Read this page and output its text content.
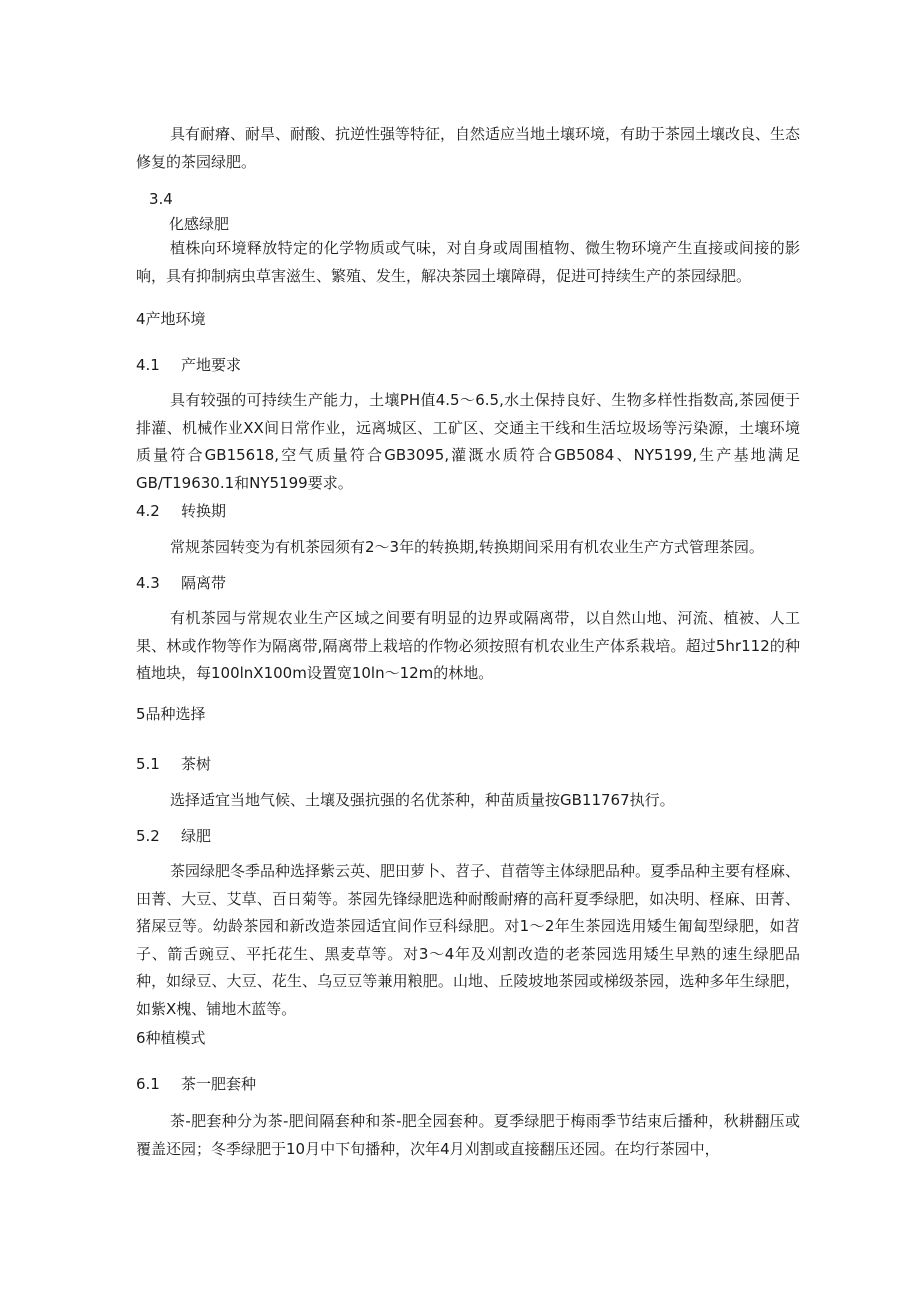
具有耐瘠、耐旱、耐酸、抗逆性强等特征，自然适应当地土壤环境，有助于茶园土壤改良、生态修复的茶园绿肥。

3.4

化感绿肥

植株向环境释放特定的化学物质或气味，对自身或周围植物、微生物环境产生直接或间接的影响，具有抑制病虫草害滋生、繁殖、发生，解决茶园土壤障碍，促进可持续生产的茶园绿肥。

4产地环境

4.1 产地要求

具有较强的可持续生产能力，土壤PH值4.5～6.5,水土保持良好、生物多样性指数高,茶园便于排灌、机械作业XX间日常作业，远离城区、工矿区、交通主干线和生活垃圾场等污染源，土壤环境质量符合GB15618,空气质量符合GB3095,灌溉水质符合GB5084、NY5199,生产基地满足GB/T19630.1和NY5199要求。

4.2 转换期

常规茶园转变为有机茶园须有2～3年的转换期,转换期间采用有机农业生产方式管理茶园。

4.3 隔离带

有机茶园与常规农业生产区域之间要有明显的边界或隔离带，以自然山地、河流、植被、人工果、林或作物等作为隔离带,隔离带上栽培的作物必须按照有机农业生产体系栽培。超过5hr112的种植地块，每100lnX100m设置宽10ln～12m的林地。

5品种选择

5.1 茶树

选择适宜当地气候、土壤及强抗强的名优茶种，种苗质量按GB11767执行。

5.2 绿肥

茶园绿肥冬季品种选择紫云英、肥田萝卜、苕子、苜蓿等主体绿肥品种。夏季品种主要有柽麻、田菁、大豆、艾草、百日菊等。茶园先锋绿肥选种耐酸耐瘠的高秆夏季绿肥，如决明、柽麻、田菁、猪屎豆等。幼龄茶园和新改造茶园适宜间作豆科绿肥。对1～2年生茶园选用矮生匍匐型绿肥，如苕子、箭舌豌豆、平托花生、黑麦草等。对3～4年及刈割改造的老茶园选用矮生早熟的速生绿肥品种，如绿豆、大豆、花生、乌豆豆等兼用粮肥。山地、丘陵坡地茶园或梯级茶园，选种多年生绿肥，如紫X槐、铺地木蓝等。

6种植模式

6.1 茶一肥套种

茶-肥套种分为茶-肥间隔套种和茶-肥全园套种。夏季绿肥于梅雨季节结束后播种，秋耕翻压或覆盖还园；冬季绿肥于10月中下旬播种，次年4月刈割或直接翻压还园。在均行茶园中，
